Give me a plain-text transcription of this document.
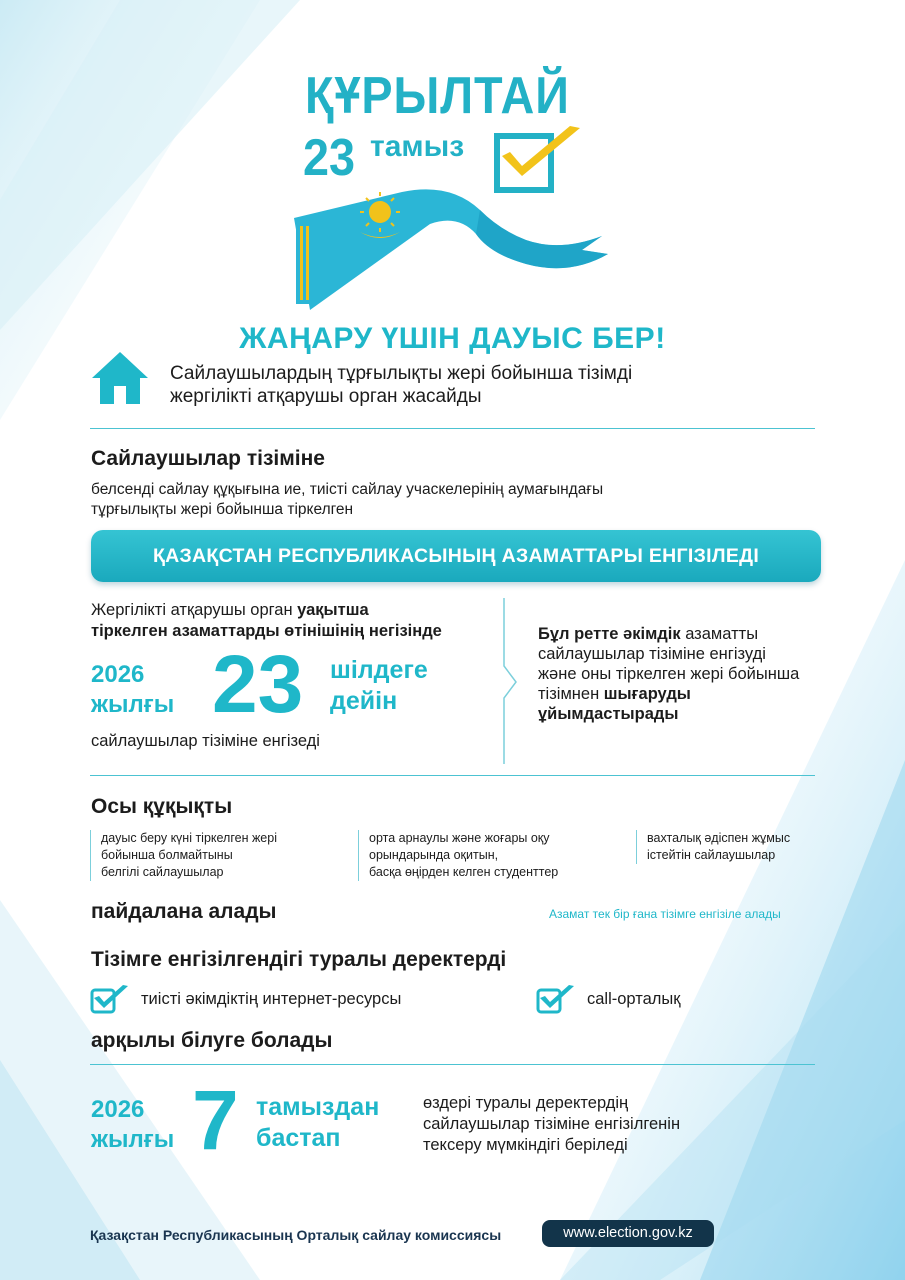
ҚҰРЫЛТАЙ
23 тамыз
ЖАҢАРУ ҮШІН ДАУЫС БЕР!
Сайлаушылардың тұрғылықты жері бойынша тізімді
жергілікті атқарушы орган жасайды
Сайлаушылар тізіміне
белсенді сайлау құқығына ие, тиісті сайлау учаскелерінің аумағындағы
тұрғылықты жері бойынша тіркелген
ҚАЗАҚСТАН РЕСПУБЛИКАСЫНЫҢ АЗАМАТТАРЫ ЕНГІЗІЛЕДІ
Жергілікті атқарушы орган уақытша
тіркелген азаматтарды өтінішінің негізінде
2026
жылғы 23 шілдеге
дейін
сайлаушылар тізіміне енгізеді
Бұл ретте әкімдік азаматты
сайлаушылар тізіміне енгізуді
және оны тіркелген жері бойынша
тізімнен шығаруды
ұйымдастырады
Осы құқықты
дауыс беру күні тіркелген жері
бойынша болмайтыны
белгілі сайлаушылар
орта арнаулы және жоғары оқу
орындарында оқитын,
басқа өңірден келген студенттер
вахталық әдіспен жұмыс
істейтін сайлаушылар
пайдалана алады	Азамат тек бір ғана тізімге енгізіле алады
Тізімге енгізілгендігі туралы деректерді
тиісті әкімдіктің интернет-ресурсы	call-орталық
арқылы білуге болады
2026
жылғы 7 тамыздан
бастап
өздері туралы деректердің
сайлаушылар тізіміне енгізілгенін
тексеру мүмкіндігі беріледі
Қазақстан Республикасының Орталық сайлау комиссиясы	www.election.gov.kz
